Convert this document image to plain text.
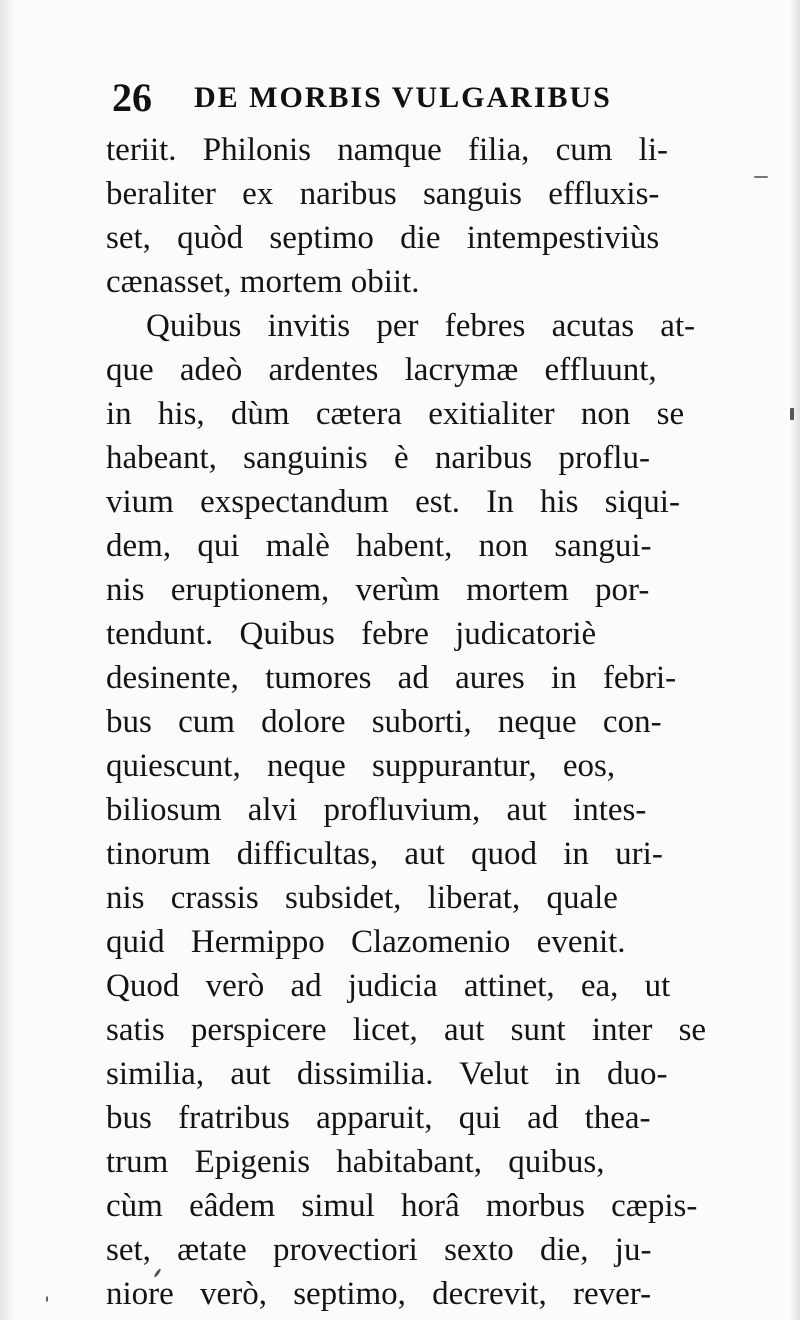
26 DE MORBIS VULGARIBUS
teriit. Philonis namque filia, cum li-
beraliter ex naribus sanguis effluxis-
set, quòd septimo die intempestiviùs
cænasset, mortem obiit.
Quibus invitis per febres acutas at-
que adeò ardentes lacrymæ effluunt,
in his, dùm cætera exitialiter non se
habeant, sanguinis è naribus proflu-
vium exspectandum est. In his siqui-
dem, qui malè habent, non sangui-
nis eruptionem, verùm mortem por-
tendunt. Quibus febre judicatoriè
desinente, tumores ad aures in febri-
bus cum dolore suborti, neque con-
quiescunt, neque suppurantur, eos,
biliosum alvi profluvium, aut intes-
tinorum difficultas, aut quod in uri-
nis crassis subsidet, liberat, quale
quid Hermippo Clazomenio evenit.
Quod verò ad judicia attinet, ea, ut
satis perspicere licet, aut sunt inter se
similia, aut dissimilia. Velut in duo-
bus fratribus apparuit, qui ad thea-
trum Epigenis habitabant, quibus,
cùm eâdem simul horâ morbus cæpis-
set, ætate provectiori sexto die, ju-
niore verò, septimo, decrevit, rever-
